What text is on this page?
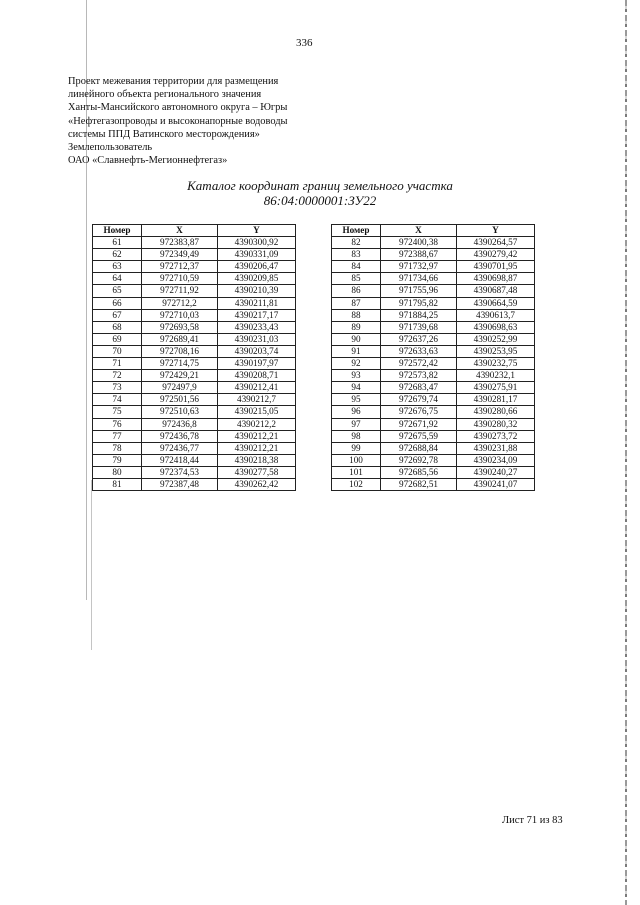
336
Проект межевания территории для размещения
линейного объекта регионального значения
Ханты-Мансийского автономного округа – Югры
«Нефтегазопроводы и высоконапорные водоводы
системы ППД Ватинского месторождения»
Землепользователь
ОАО «Славнефть-Мегионнефтегаз»
Каталог координат границ земельного участка
86:04:0000001:ЗУ22
Номер	X	Y
61	972383,87	4390300,92
62	972349,49	4390331,09
63	972712,37	4390206,47
64	972710,59	4390209,85
65	972711,92	4390210,39
66	972712,2	4390211,81
67	972710,03	4390217,17
68	972693,58	4390233,43
69	972689,41	4390231,03
70	972708,16	4390203,74
71	972714,75	4390197,97
72	972429,21	4390208,71
73	972497,9	4390212,41
74	972501,56	4390212,7
75	972510,63	4390215,05
76	972436,8	4390212,2
77	972436,78	4390212,21
78	972436,77	4390212,21
79	972418,44	4390218,38
80	972374,53	4390277,58
81	972387,48	4390262,42
Номер	X	Y
82	972400,38	4390264,57
83	972388,67	4390279,42
84	971732,97	4390701,95
85	971734,66	4390698,87
86	971755,96	4390687,48
87	971795,82	4390664,59
88	971884,25	4390613,7
89	971739,68	4390698,63
90	972637,26	4390252,99
91	972633,63	4390253,95
92	972572,42	4390232,75
93	972573,82	4390232,1
94	972683,47	4390275,91
95	972679,74	4390281,17
96	972676,75	4390280,66
97	972671,92	4390280,32
98	972675,59	4390273,72
99	972688,84	4390231,88
100	972692,78	4390234,09
101	972685,56	4390240,27
102	972682,51	4390241,07
Лист 71 из 83
